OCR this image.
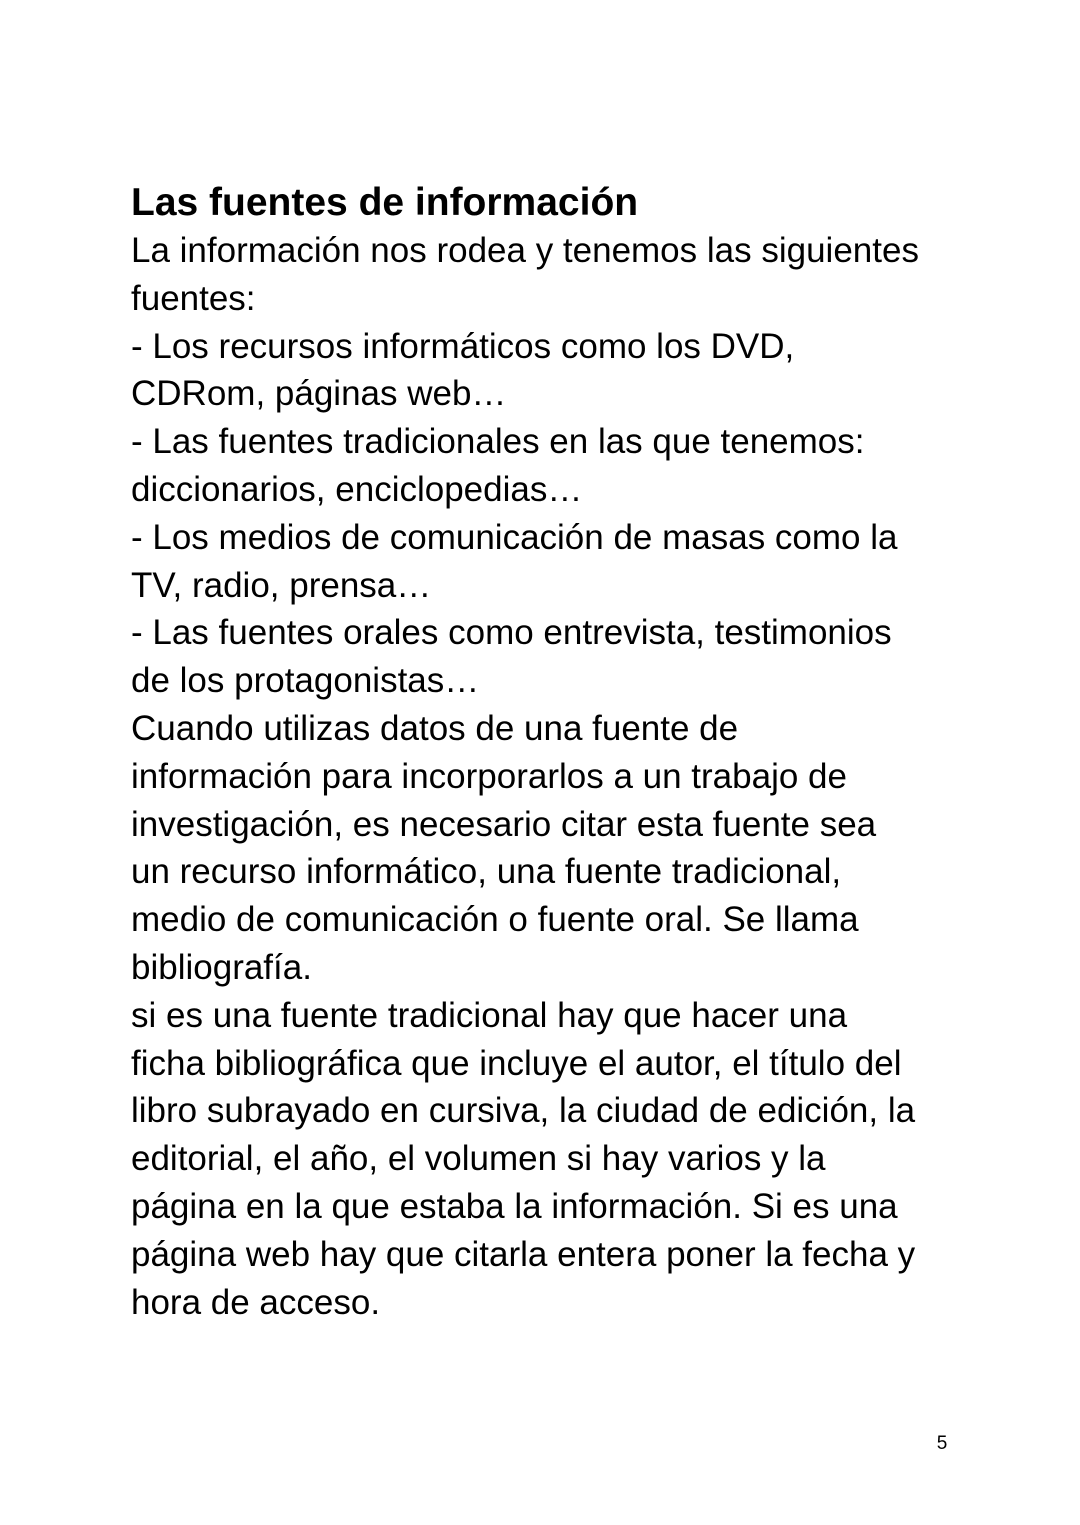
Las fuentes de información
La información nos rodea y tenemos las siguientes
fuentes:
- Los recursos informáticos como los DVD,
CDRom, páginas web…
- Las fuentes tradicionales en las que tenemos:
diccionarios, enciclopedias…
- Los medios de comunicación de masas como la
TV, radio, prensa…
- Las fuentes orales como entrevista, testimonios
de los protagonistas…
Cuando utilizas datos de una fuente de
información para incorporarlos a un trabajo de
investigación, es necesario citar esta fuente sea
un recurso informático, una fuente tradicional,
medio de comunicación o fuente oral. Se llama
bibliografía.
si es una fuente tradicional hay que hacer una
ficha bibliográfica que incluye el autor, el título del
libro subrayado en cursiva, la ciudad de edición, la
editorial, el año, el volumen si hay varios y la
página en la que estaba la información. Si es una
página web hay que citarla entera poner la fecha y
hora de acceso.
5
